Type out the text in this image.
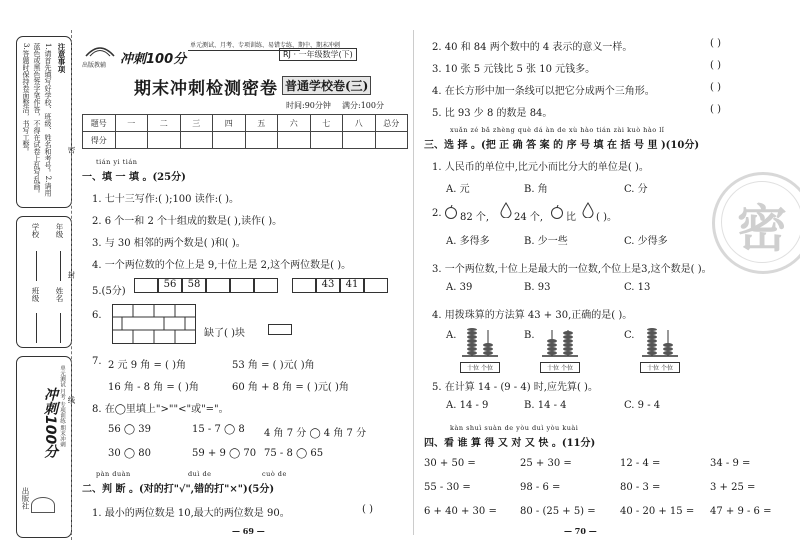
注意事项
1.请首先填写好学校、班级、姓名和考号。2.请用蓝色或黑色签字笔作答，不得在试卷上乱写乱画。3.答题时保持卷面整洁，书写工整。
年级
姓名
学校
班级
冲刺100分 单元测试 月考 专项训练 期末冲刺
出版社
密
封
线
出版教辅 冲刺100分
单元测试、月考、专项训练、易错专练、期中、期末冲刺
RJ · 一年级数学(下)
期末冲刺检测密卷 普通学校卷(三)
时间:90分钟 满分:100分
题号	一	二	三	四	五	六	七	八	总分
得分									
tián yi tián
一、填 一 填 。(25分)
1. 七十三写作:( );100 读作:( )。
2. 6 个一和 2 个十组成的数是( ),读作( )。
3. 与 30 相邻的两个数是( )和( )。
4. 一个两位数的个位上是 9,十位上是 2,这个两位数是( )。
5.(5分)
56	58	43	41
6.
缺了( )块
7. 2 元 9 角 = ( )角	53 角 = ( )元( )角
16 角 - 8 角 = ( )角	60 角 + 8 角 = ( )元( )角
8. 在◯里填上">""<"或"="。
56 ◯ 39	15 - 7 ◯ 8 4 角 7 分 ◯ 4 角 7 分
30 ◯ 80	59 + 9 ◯ 70 75 - 8 ◯ 65
pàn duàn	duì de	cuò de
二、判 断 。(对的打"√",错的打"×")(5分)
1. 最小的两位数是 10,最大的两位数是 90。	( )
— 69 —
2. 40 和 84 两个数中的 4 表示的意义一样。	( )
3. 10 张 5 元钱比 5 张 10 元钱多。	( )
4. 在长方形中加一条线可以把它分成两个三角形。	( )
5. 比 93 少 8 的数是 84。	( )
xuǎn zé bǎ zhèng què dá àn de xù hào tián zài kuò hào lǐ
三、选 择 。(把 正 确 答 案 的 序 号 填 在 括 号 里 )(10分)
1. 人民币的单位中,比元小而比分大的单位是( )。
A. 元	B. 角	C. 分
2. 82 个, 24 个, 比 ( )。
A. 多得多	B. 少一些	C. 少得多
3. 一个两位数,十位上是最大的一位数,个位上是3,这个数是( )。
A. 39	B. 93	C. 13
4. 用拨珠算的方法算 43 + 30,正确的是( )。
A.
十位 个位
B.
十位 个位
C.
十位 个位
5. 在计算 14 - (9 - 4) 时,应先算( )。
A. 14 - 9	B. 14 - 4	C. 9 - 4
kàn shuì suàn de yòu duì yòu kuài
四、看 谁 算 得 又 对 又 快 。(11分)
30 + 50 =	25 + 30 =	12 - 4 =	34 - 9 =
55 - 30 =	98 - 6 =	80 - 3 =	3 + 25 =
6 + 40 + 30 = 80 - (25 + 5) = 40 - 20 + 15 = 47 + 9 - 6 =
— 70 —
密
